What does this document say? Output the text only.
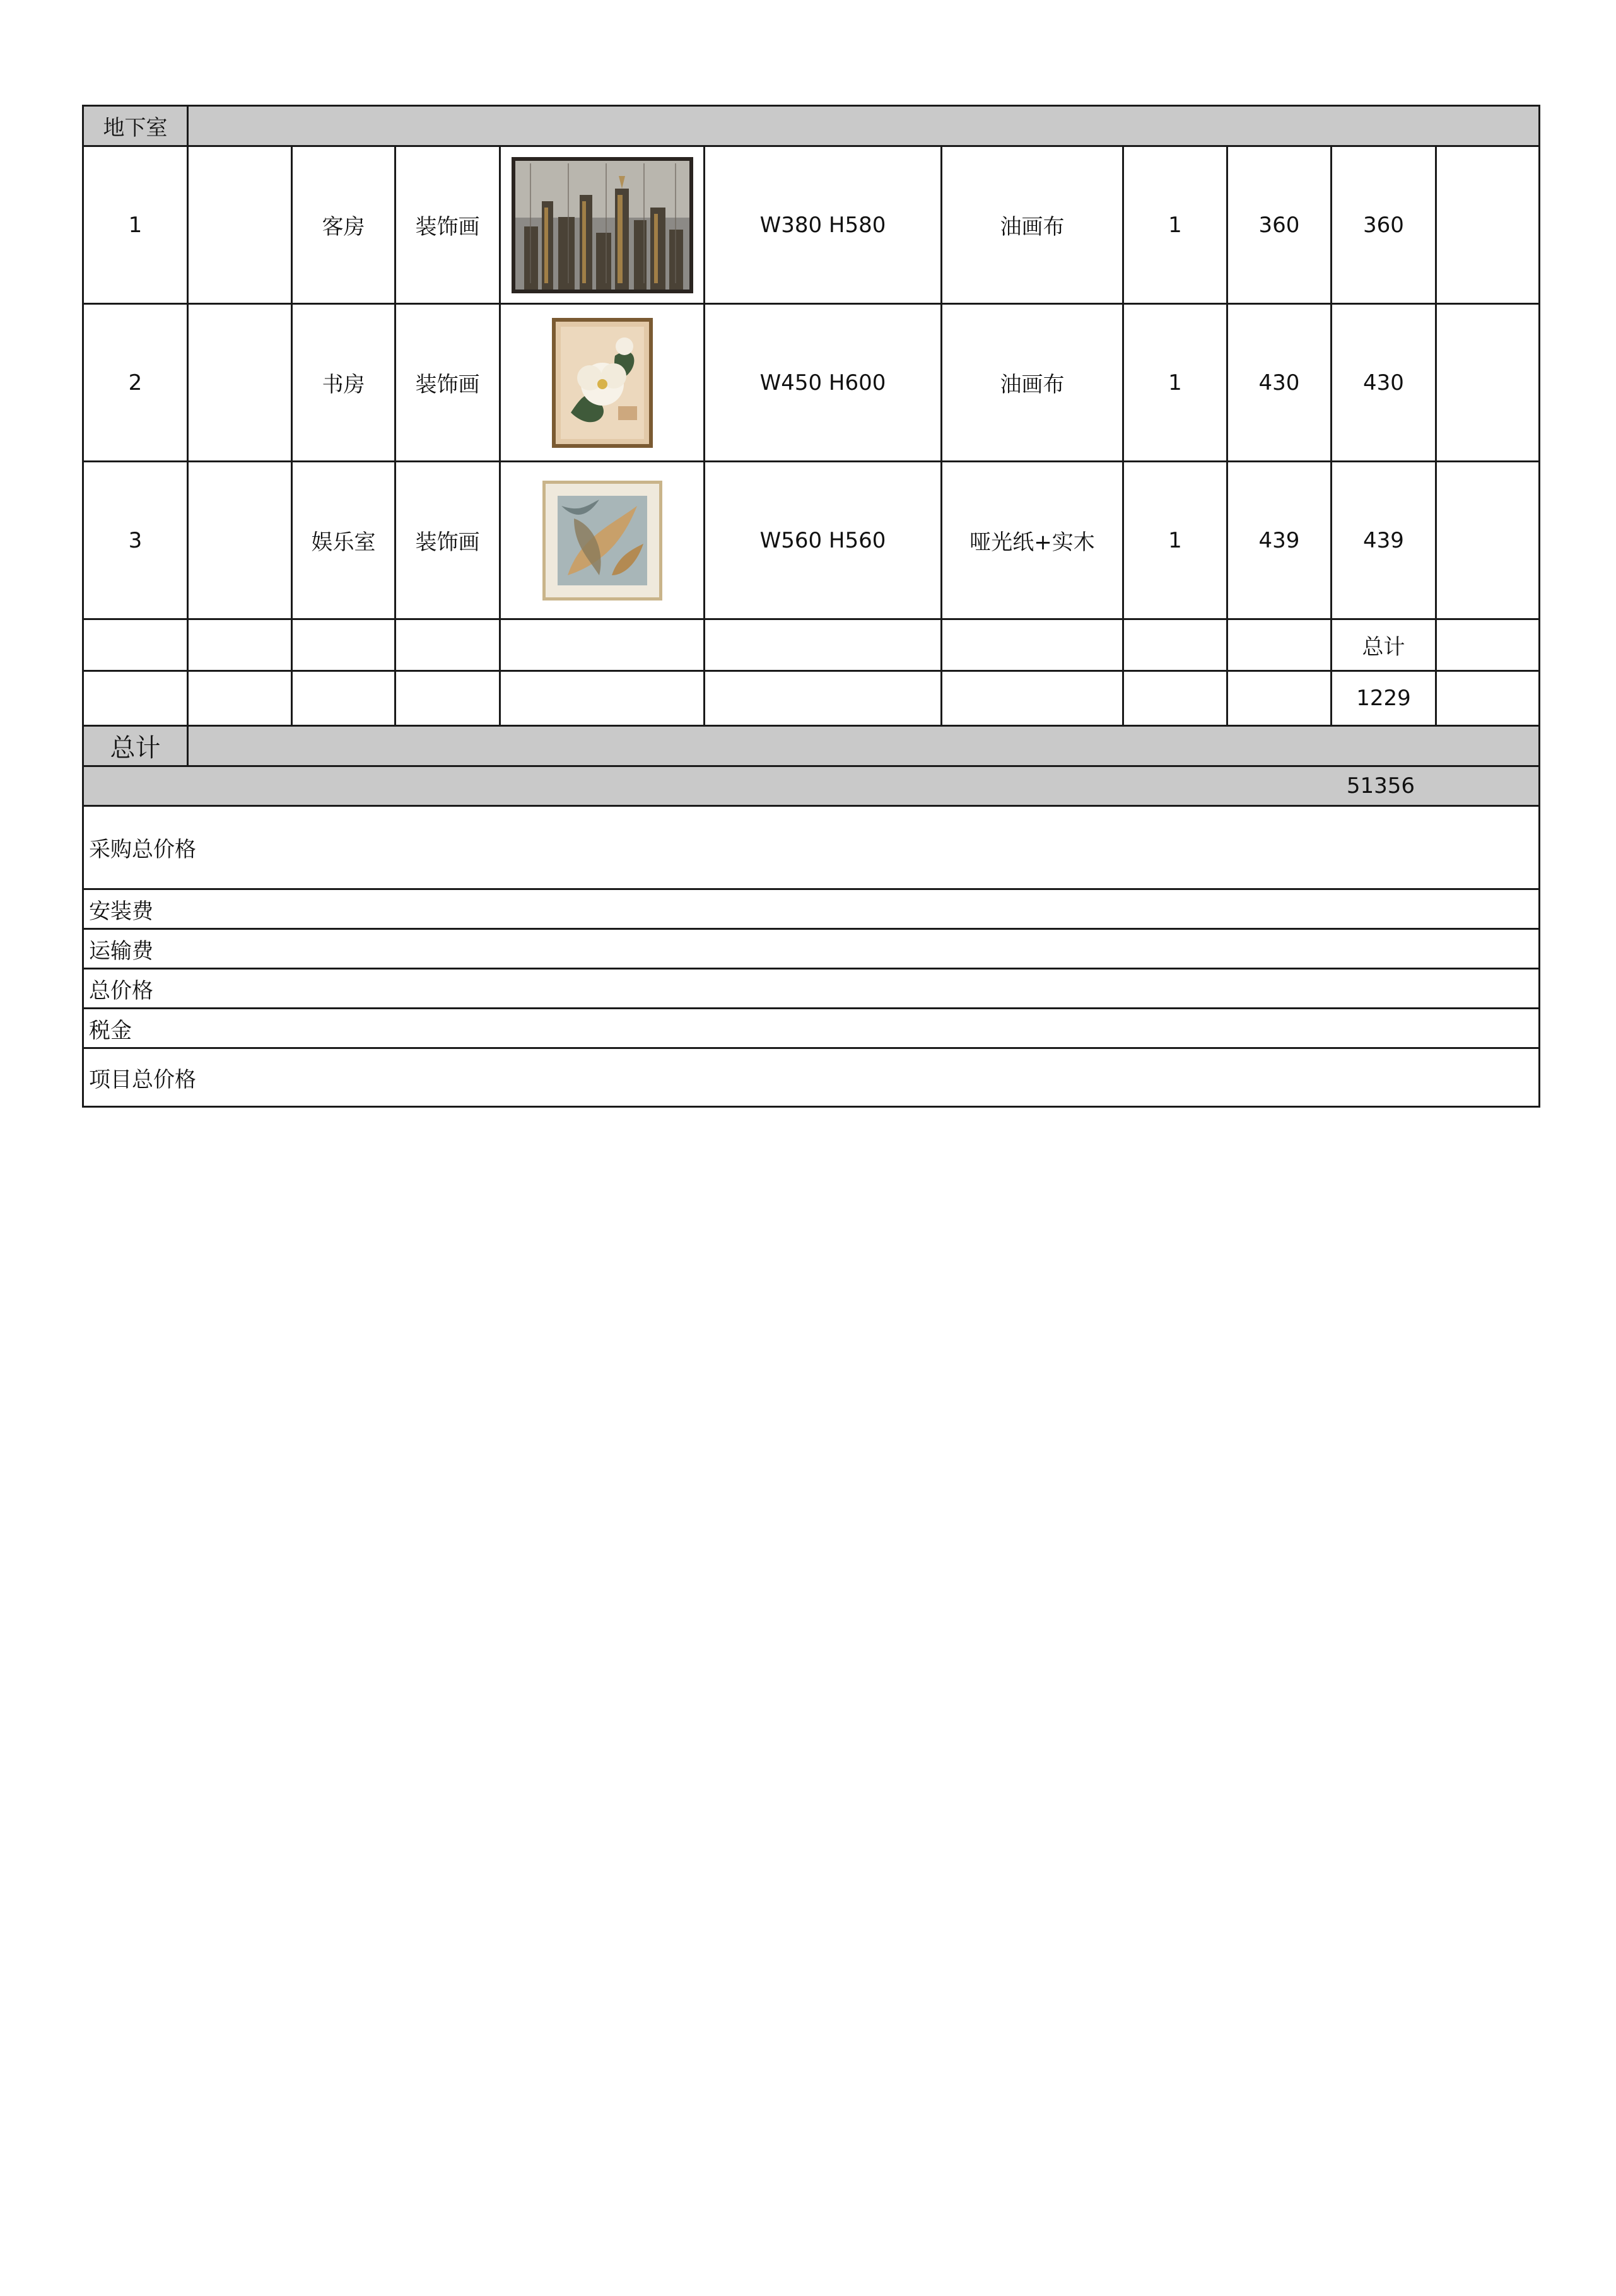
地下室										
1		客房	装饰画		W380 H580	油画布	1	360	360	
2		书房	装饰画		W450 H600	油画布	1	430	430	
3		娱乐室	装饰画		W560 H560	哑光纸+实木	1	439	439	
									总计	
									1229	
总计										
51356										
采购总价格										
安装费										
运输费										
总价格										
税金										
项目总价格										
